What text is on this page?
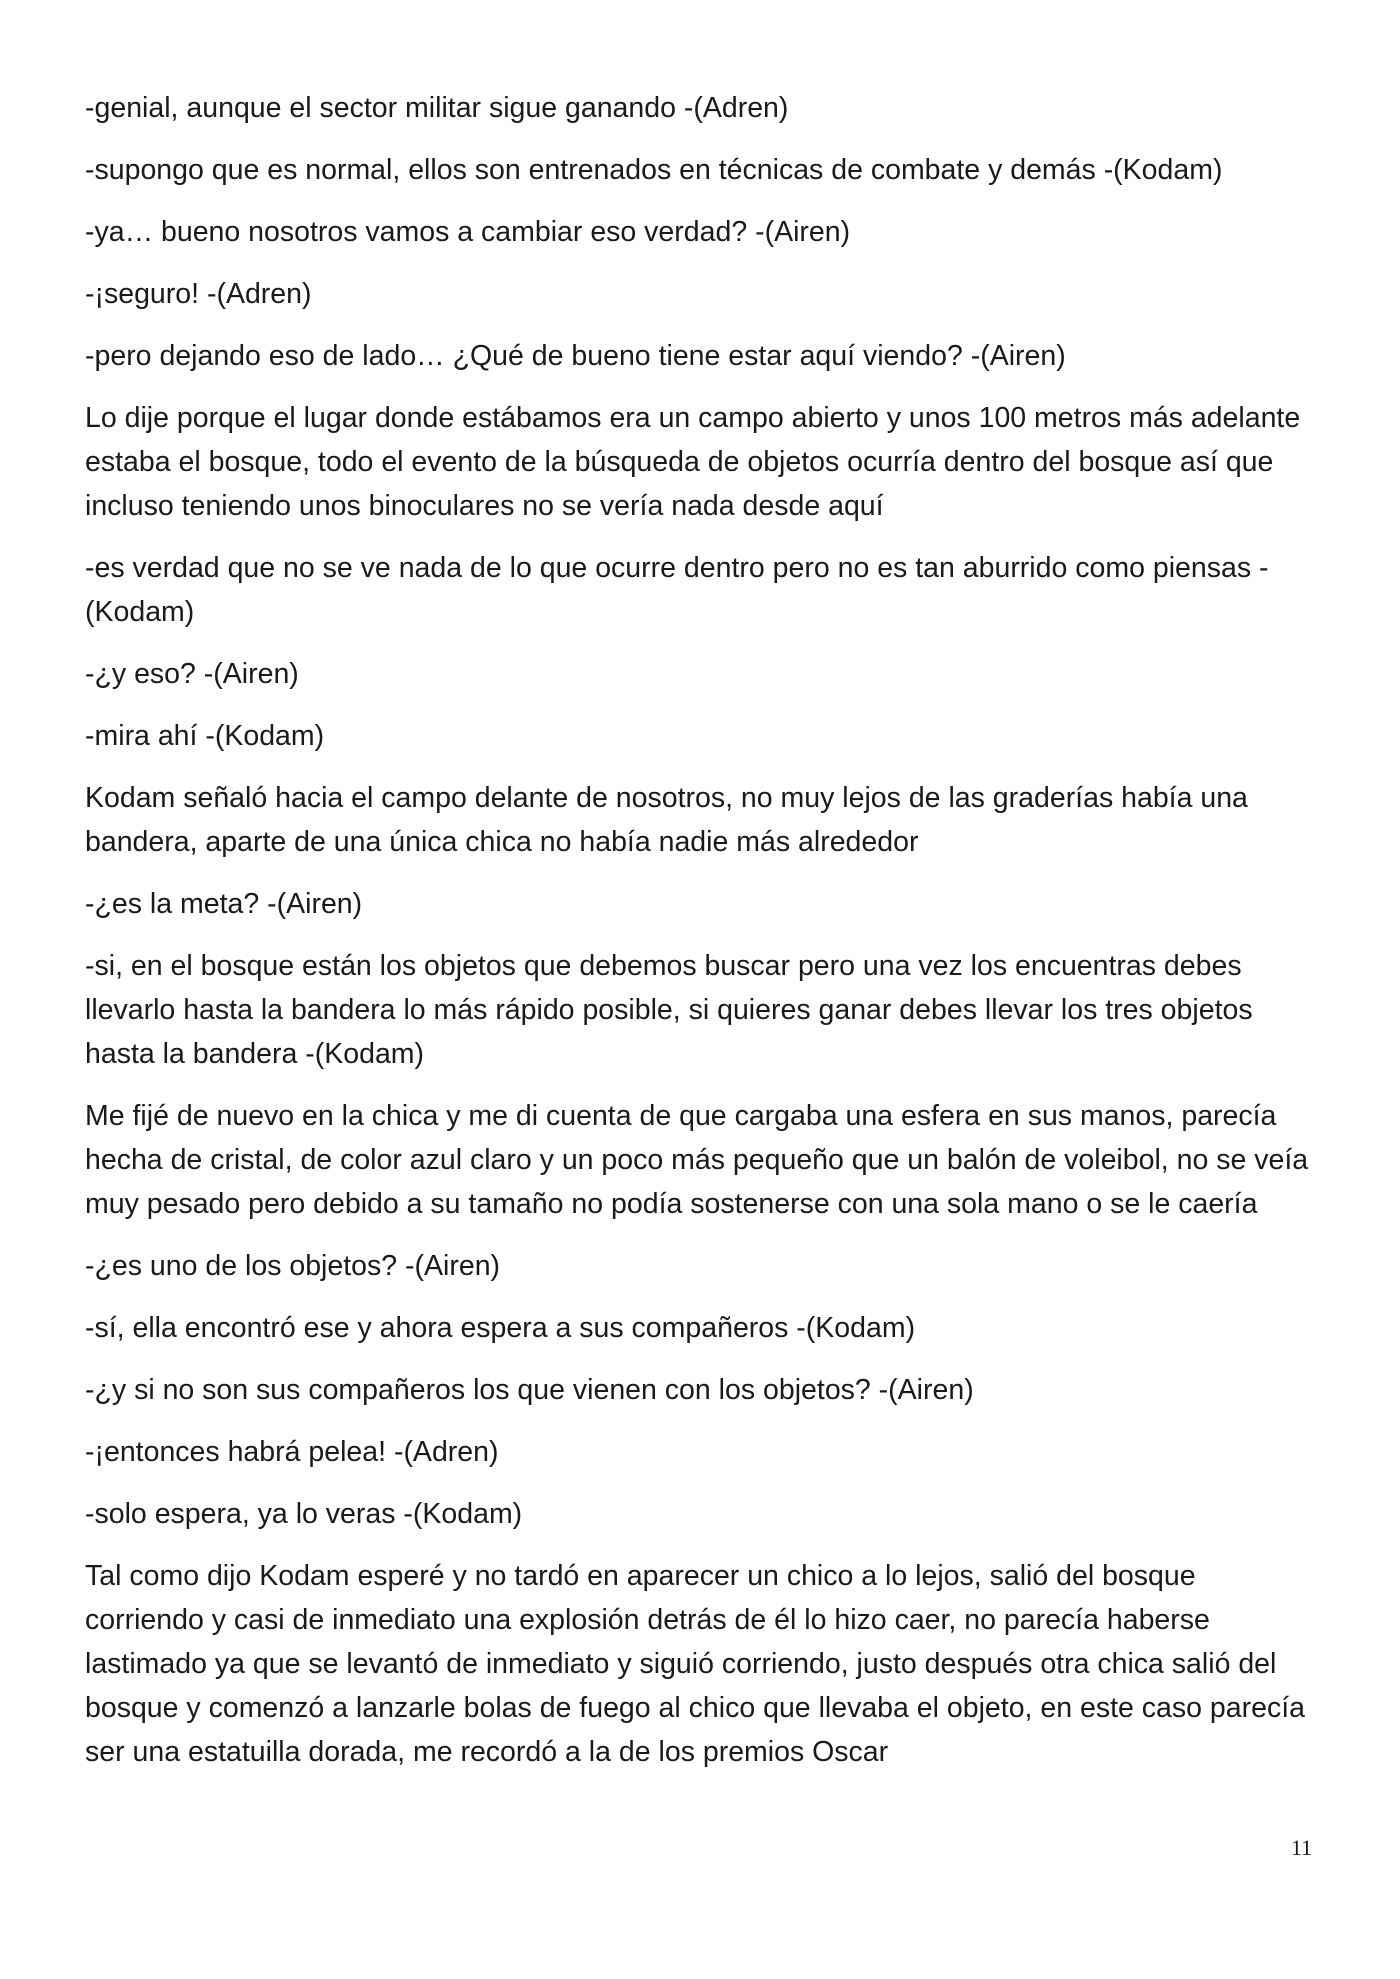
-genial, aunque el sector militar sigue ganando -(Adren)

-supongo que es normal, ellos son entrenados en técnicas de combate y demás -(Kodam)

-ya… bueno nosotros vamos a cambiar eso verdad? -(Airen)

-¡seguro! -(Adren)

-pero dejando eso de lado… ¿Qué de bueno tiene estar aquí viendo? -(Airen)

Lo dije porque el lugar donde estábamos era un campo abierto y unos 100 metros más adelante estaba el bosque, todo el evento de la búsqueda de objetos ocurría dentro del bosque así que incluso teniendo unos binoculares no se vería nada desde aquí

-es verdad que no se ve nada de lo que ocurre dentro pero no es tan aburrido como piensas -(Kodam)

-¿y eso? -(Airen)

-mira ahí -(Kodam)

Kodam señaló hacia el campo delante de nosotros, no muy lejos de las graderías había una bandera, aparte de una única chica no había nadie más alrededor

-¿es la meta? -(Airen)

-si, en el bosque están los objetos que debemos buscar pero una vez los encuentras debes llevarlo hasta la bandera lo más rápido posible, si quieres ganar debes llevar los tres objetos hasta la bandera -(Kodam)

Me fijé de nuevo en la chica y me di cuenta de que cargaba una esfera en sus manos, parecía hecha de cristal, de color azul claro y un poco más pequeño que un balón de voleibol, no se veía muy pesado pero debido a su tamaño no podía sostenerse con una sola mano o se le caería

-¿es uno de los objetos? -(Airen)

-sí, ella encontró ese y ahora espera a sus compañeros -(Kodam)

-¿y si no son sus compañeros los que vienen con los objetos? -(Airen)

-¡entonces habrá pelea! -(Adren)

-solo espera, ya lo veras -(Kodam)

Tal como dijo Kodam esperé y no tardó en aparecer un chico a lo lejos, salió del bosque corriendo y casi de inmediato una explosión detrás de él lo hizo caer, no parecía haberse lastimado ya que se levantó de inmediato y siguió corriendo, justo después otra chica salió del bosque y comenzó a lanzarle bolas de fuego al chico que llevaba el objeto, en este caso parecía ser una estatuilla dorada, me recordó a la de los premios Oscar

11
